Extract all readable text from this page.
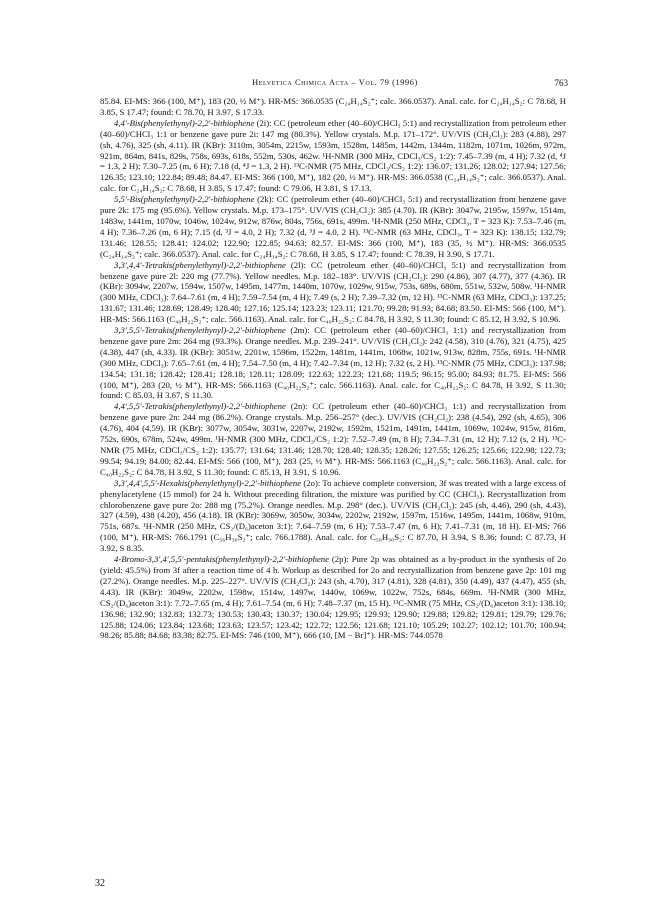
Helvetica Chimica Acta – Vol. 79 (1996)	763

85.84. EI-MS: 366 (100, M⁺), 183 (20, ½ M⁺). HR-MS: 366.0535 (C₂₄H₁₄S₂⁺; calc. 366.0537). Anal. calc. for C₂₄H₁₄S₂: C 78.68, H 3.85, S 17.47; found: C 78.70, H 3.97, S 17.33.

4,4′-Bis(phenylethynyl)-2,2′-bithiophene (2i): CC (petroleum ether (40–60)/CHCl₃ 5:1) and recrystallization from petroleum ether (40–60)/CHCl₃ 1:1 or benzene gave pure 2i: 147 mg (80.3%). Yellow crystals. M.p. 171–172°. UV/VIS (CH₂Cl₂): 283 (4.88), 297 (sh, 4.76), 325 (sh, 4.11). IR (KBr): 3110m, 3054m, 2215w, 1593m, 1528m, 1485m, 1442m, 1344m, 1182m, 1071m, 1026m, 972m, 921m, 864m, 841s, 829s, 758s, 693s, 618s, 552m, 530s, 462w. ¹H-NMR (300 MHz, CDCl₃/CS₂ 1:2): 7.45–7.39 (m, 4 H); 7.32 (d, ⁴J = 1.3, 2 H); 7.30–7.25 (m, 6 H); 7.18 (d, ⁴J = 1.3, 2 H). ¹³C-NMR (75 MHz, CDCl₃/CS₂ 1:2): 136.07; 131.26; 128.02; 127.94; 127.56; 126.35; 123.10; 122.84; 89.48; 84.47. EI-MS: 366 (100, M⁺), 182 (20, ½ M⁺). HR-MS: 366.0538 (C₂₄H₁₄S₂⁺; calc. 366.0537). Anal. calc. for C₂₄H₁₄S₂: C 78.68, H 3.85, S 17.47; found: C 79.06, H 3.81, S 17.13.

5,5′-Bis(phenylethynyl)-2,2′-bithiophene (2k): CC (petroleum ether (40–60)/CHCl₃ 5:1) and recrystallization from benzene gave pure 2k: 175 mg (95.6%). Yellow crystals. M.p. 173–175°. UV/VIS (CH₂Cl₂): 385 (4.70). IR (KBr): 3047w, 2195w, 1597w, 1514m, 1483w, 1441m, 1070w, 1046w, 1024w, 912w, 876w, 804s, 756s, 691s, 499m. ¹H-NMR (250 MHz, CDCl₃, T = 323 K): 7.53–7.46 (m, 4 H); 7.36–7.26 (m, 6 H); 7.15 (d, ³J = 4.0, 2 H); 7.32 (d, ³J = 4.0, 2 H). ¹³C-NMR (63 MHz, CDCl₃, T = 323 K): 138.15; 132.79; 131.46; 128.55; 128.41; 124.02; 122.90; 122.85; 94.63; 82.57. EI-MS: 366 (100, M⁺), 183 (35, ½ M⁺). HR-MS: 366.0535 (C₂₄H₁₄S₂⁺; calc. 366.0537). Anal. calc. for C₂₄H₁₄S₂: C 78.68, H 3.85, S 17.47; found: C 78.39, H 3.90, S 17.71.

3,3′,4,4′-Tetrakis(phenylethynyl)-2,2′-bithiophene (2l): CC (petroleum ether (40–60)/CHCl₃ 5:1) and recrystallization from benzene gave pure 2l: 220 mg (77.7%). Yellow needles. M.p. 182–183°. UV/VIS (CH₂Cl₂): 290 (4.86), 307 (4.77), 377 (4.36). IR (KBr): 3094w, 2207w, 1594w, 1507w, 1495m, 1477m, 1440m, 1070w, 1029w, 915w, 753s, 689s, 680m, 551w, 532w, 508w. ¹H-NMR (300 MHz, CDCl₃): 7.64–7.61 (m, 4 H); 7.59–7.54 (m, 4 H); 7.49 (s, 2 H); 7.39–7.32 (m, 12 H). ¹³C-NMR (63 MHz, CDCl₃): 137.25; 131.67; 131.46; 128.69; 128.49; 128.40; 127.16; 125.14; 123.23; 123.11; 121.70; 99.28; 91.93; 84.68; 83.50. EI-MS: 566 (100, M⁺). HR-MS: 566.1163 (C₄₀H₂₂S₂⁺; calc. 566.1163). Anal. calc. for C₄₀H₂₂S₂: C 84.78, H 3.92, S 11.30; found: C 85.12, H 3.92, S 10.96.

3,3′,5,5′-Tetrakis(phenylethynyl)-2,2′-bithiophene (2m): CC (petroleum ether (40–60)/CHCl₃ 1:1) and recrystallization from benzene gave pure 2m: 264 mg (93.3%). Orange needles. M.p. 239–241°. UV/VIS (CH₂Cl₂): 242 (4.58), 310 (4.76), 321 (4.75), 425 (4.38), 447 (sh, 4.33). IR (KBr): 3051w, 2201w, 1596m, 1522m, 1481m, 1441m, 1068w, 1021w, 913w, 828m, 755s, 691s. ¹H-NMR (300 MHz, CDCl₃): 7.65–7.61 (m, 4 H); 7.54–7.50 (m, 4 H); 7.42–7.34 (m, 12 H); 7.32 (s, 2 H). ¹³C-NMR (75 MHz, CDCl₃): 137.98; 134.54; 131.18; 128.42; 128.41; 128.18; 128.11; 128.09; 122.63; 122.23; 121.68; 119.5; 96.15; 95.00; 84.93; 81.75. EI-MS: 566 (100, M⁺), 283 (20, ½ M⁺). HR-MS: 566.1163 (C₄₀H₂₂S₂⁺; calc. 566.1163). Anal. calc. for C₄₀H₂₂S₂: C 84.78, H 3.92, S 11.30; found: C 85.03, H 3.67, S 11.30.

4,4′,5,5′-Tetrakis(phenylethynyl)-2,2′-bithiophene (2n): CC (petroleum ether (40–60)/CHCl₃ 1:1) and recrystallization from benzene gave pure 2n: 244 mg (86.2%). Orange crystals. M.p. 256–257° (dec.). UV/VIS (CH₂Cl₂): 238 (4.54), 292 (sh, 4.65), 306 (4.76), 404 (4.59). IR (KBr): 3077w, 3054w, 3031w, 2207w, 2192w, 1592m, 1521m, 1491m, 1441m, 1069w, 1024w, 915w, 816m, 752s, 690s, 678m, 524w, 499m. ¹H-NMR (300 MHz, CDCl₃/CS₂ 1:2): 7.52–7.49 (m, 8 H); 7.34–7.31 (m, 12 H); 7.12 (s, 2 H). ¹³C-NMR (75 MHz, CDCl₃/CS₂ 1:2): 135.77; 131.64; 131.46; 128.70; 128.40; 128.35; 128.26; 127.55; 126.25; 125.66; 122.98; 122.73; 99.54; 94.19; 84.00; 82.44. EI-MS: 566 (100, M⁺), 283 (25, ½ M⁺). HR-MS: 566.1163 (C₄₀H₂₂S₂⁺; calc. 566.1163). Anal. calc. for C₄₀H₂₂S₂: C 84.78, H 3.92, S 11.30; found: C 85.13, H 3.91, S 10.96.

3,3′,4,4′,5,5′-Hexakis(phenylethynyl)-2,2′-bithiophene (2o): To achieve complete conversion, 3f was treated with a large excess of phenylacetylene (15 mmol) for 24 h. Without preceding filtration, the mixture was purified by CC (CHCl₃). Recrystallization from chlorobenzene gave pure 2o: 288 mg (75.2%). Orange needles. M.p. 298° (dec.). UV/VIS (CH₂Cl₂): 245 (sh, 4.46), 290 (sh, 4.43), 327 (4.59), 438 (4.20), 456 (4.18). IR (KBr): 3069w, 3050w, 3034w, 2202w, 2192w, 1597m, 1516w, 1495m, 1441m, 1068w, 910m, 751s, 687s. ¹H-NMR (250 MHz, CS₂/(D₆)aceton 3:1): 7.64–7.59 (m, 6 H); 7.53–7.47 (m, 6 H); 7.41–7.31 (m, 18 H). EI-MS: 766 (100, M⁺). HR-MS: 766.1791 (C₅₆H₃₀S₂⁺; calc. 766.1788). Anal. calc. for C₅₆H₃₀S₂: C 87.70, H 3.94, S 8.36; found: C 87.73, H 3.92, S 8.35.

4-Bromo-3,3′,4′,5,5′-pentakis(phenylethynyl)-2,2′-bithiophene (2p): Pure 2p was obtained as a by-product in the synthesis of 2o (yield: 45.5%) from 3f after a reaction time of 4 h. Workup as described for 2o and recrystallization from benzene gave 2p: 101 mg (27.2%). Orange needles. M.p. 225–227°. UV/VIS (CH₂Cl₂): 243 (sh, 4.70), 317 (4.81), 328 (4.81), 350 (4.49), 437 (4.47), 455 (sh, 4.43). IR (KBr): 3049w, 2202w, 1598w, 1514w, 1497w, 1440w, 1069w, 1022w, 752s, 684s, 669m. ¹H-NMR (300 MHz, CS₂/(D₆)aceton 3:1): 7.72–7.65 (m, 4 H); 7.61–7.54 (m, 6 H); 7.48–7.37 (m, 15 H). ¹³C-NMR (75 MHz, CS₂/(D₆)aceton 3:1): 138.10; 136.98; 132.90; 132.83; 132.73; 130.53; 130.43; 130.37; 130.04; 129.95; 129.93; 129.90; 129.88; 129.82; 129.81; 129.79; 129.76; 125.88; 124.06; 123.84; 123.68; 123.63; 123.57; 123.42; 122.72; 122.56; 121.68; 121.10; 105.29; 102.27; 102.12; 101.70; 100.94; 98.26; 85.88; 84.68; 83.38; 82.75. EI-MS: 746 (100, M⁺), 666 (10, [M − Br]⁺). HR-MS: 744.0578

32
